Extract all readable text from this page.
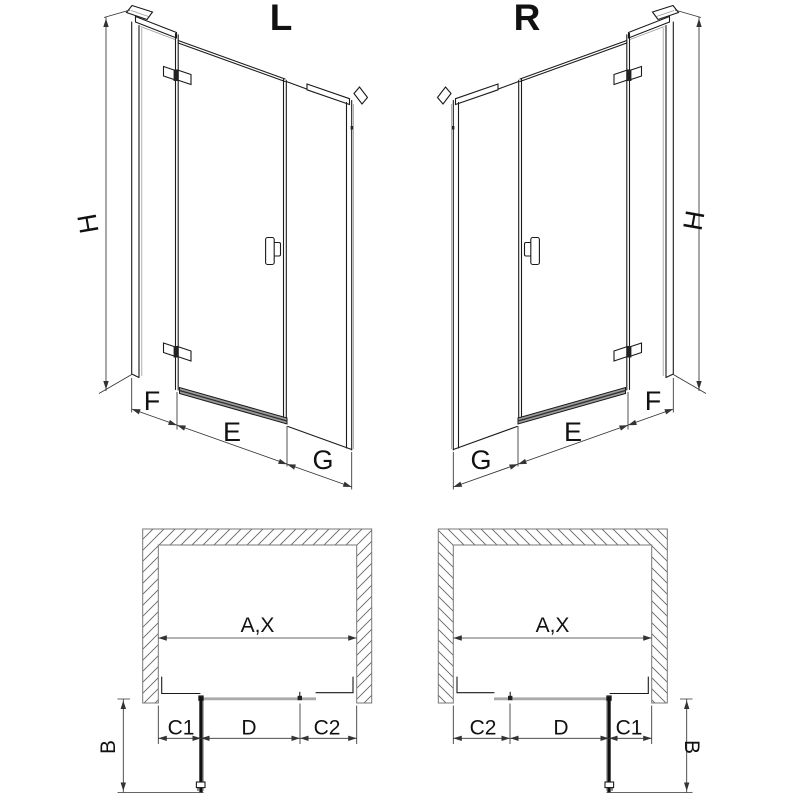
L
H
F
E
G
R
H
F
E
G
A,X
C1 D	C2
B
A,X
C2	D C1
B
